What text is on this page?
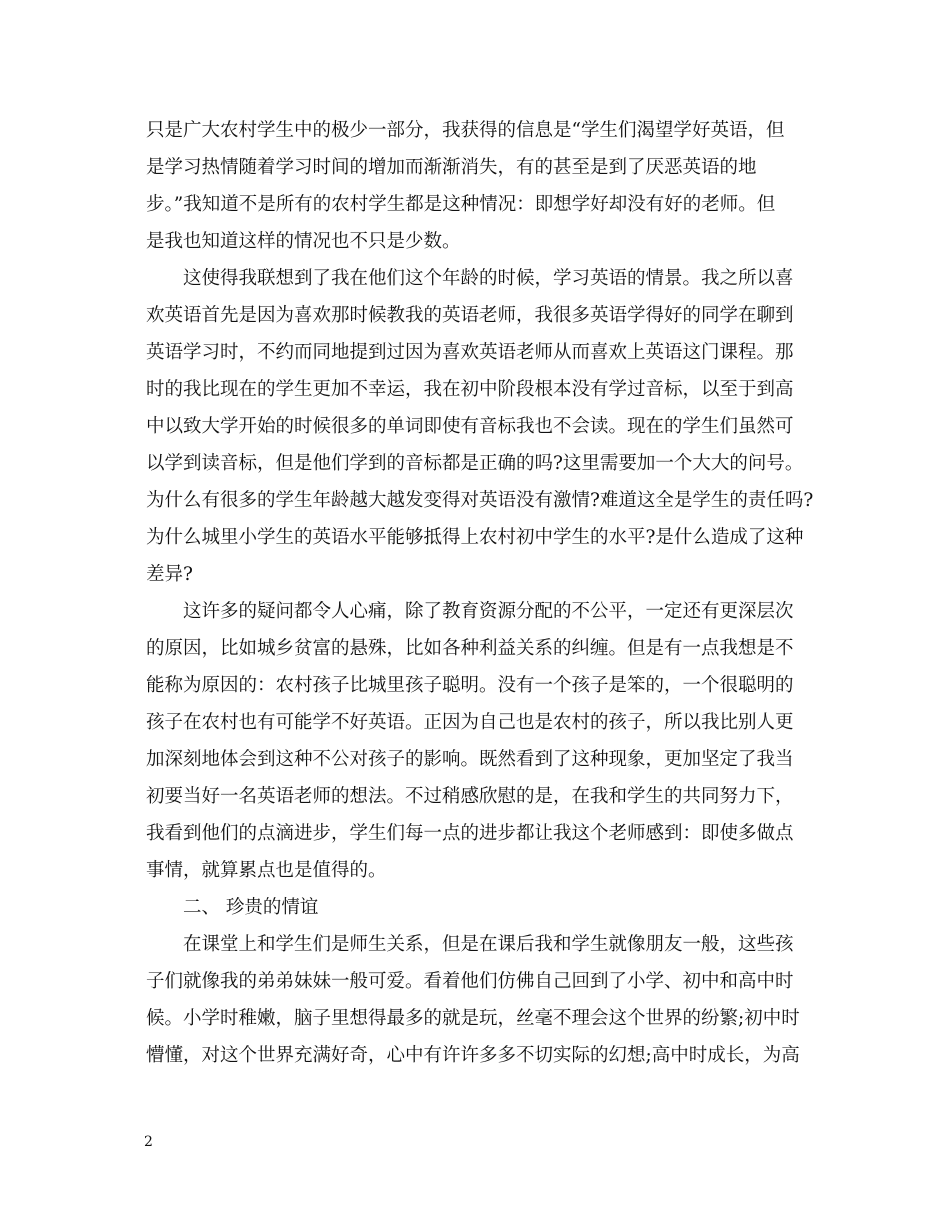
只是广大农村学生中的极少一部分，我获得的信息是“学生们渴望学好英语，但
是学习热情随着学习时间的增加而渐渐消失，有的甚至是到了厌恶英语的地
步。”我知道不是所有的农村学生都是这种情况：即想学好却没有好的老师。但
是我也知道这样的情况也不只是少数。
这使得我联想到了我在他们这个年龄的时候，学习英语的情景。我之所以喜
欢英语首先是因为喜欢那时候教我的英语老师，我很多英语学得好的同学在聊到
英语学习时，不约而同地提到过因为喜欢英语老师从而喜欢上英语这门课程。那
时的我比现在的学生更加不幸运，我在初中阶段根本没有学过音标，以至于到高
中以致大学开始的时候很多的单词即使有音标我也不会读。现在的学生们虽然可
以学到读音标，但是他们学到的音标都是正确的吗?这里需要加一个大大的问号。
为什么有很多的学生年龄越大越发变得对英语没有激情?难道这全是学生的责任吗?
为什么城里小学生的英语水平能够抵得上农村初中学生的水平?是什么造成了这种
差异?
这许多的疑问都令人心痛，除了教育资源分配的不公平，一定还有更深层次
的原因，比如城乡贫富的悬殊，比如各种利益关系的纠缠。但是有一点我想是不
能称为原因的：农村孩子比城里孩子聪明。没有一个孩子是笨的，一个很聪明的
孩子在农村也有可能学不好英语。正因为自己也是农村的孩子，所以我比别人更
加深刻地体会到这种不公对孩子的影响。既然看到了这种现象，更加坚定了我当
初要当好一名英语老师的想法。不过稍感欣慰的是，在我和学生的共同努力下，
我看到他们的点滴进步，学生们每一点的进步都让我这个老师感到：即使多做点
事情，就算累点也是值得的。
二、 珍贵的情谊
在课堂上和学生们是师生关系，但是在课后我和学生就像朋友一般，这些孩
子们就像我的弟弟妹妹一般可爱。看着他们仿佛自己回到了小学、初中和高中时
候。小学时稚嫩，脑子里想得最多的就是玩，丝毫不理会这个世界的纷繁;初中时
懵懂，对这个世界充满好奇，心中有许许多多不切实际的幻想;高中时成长，为高
2
